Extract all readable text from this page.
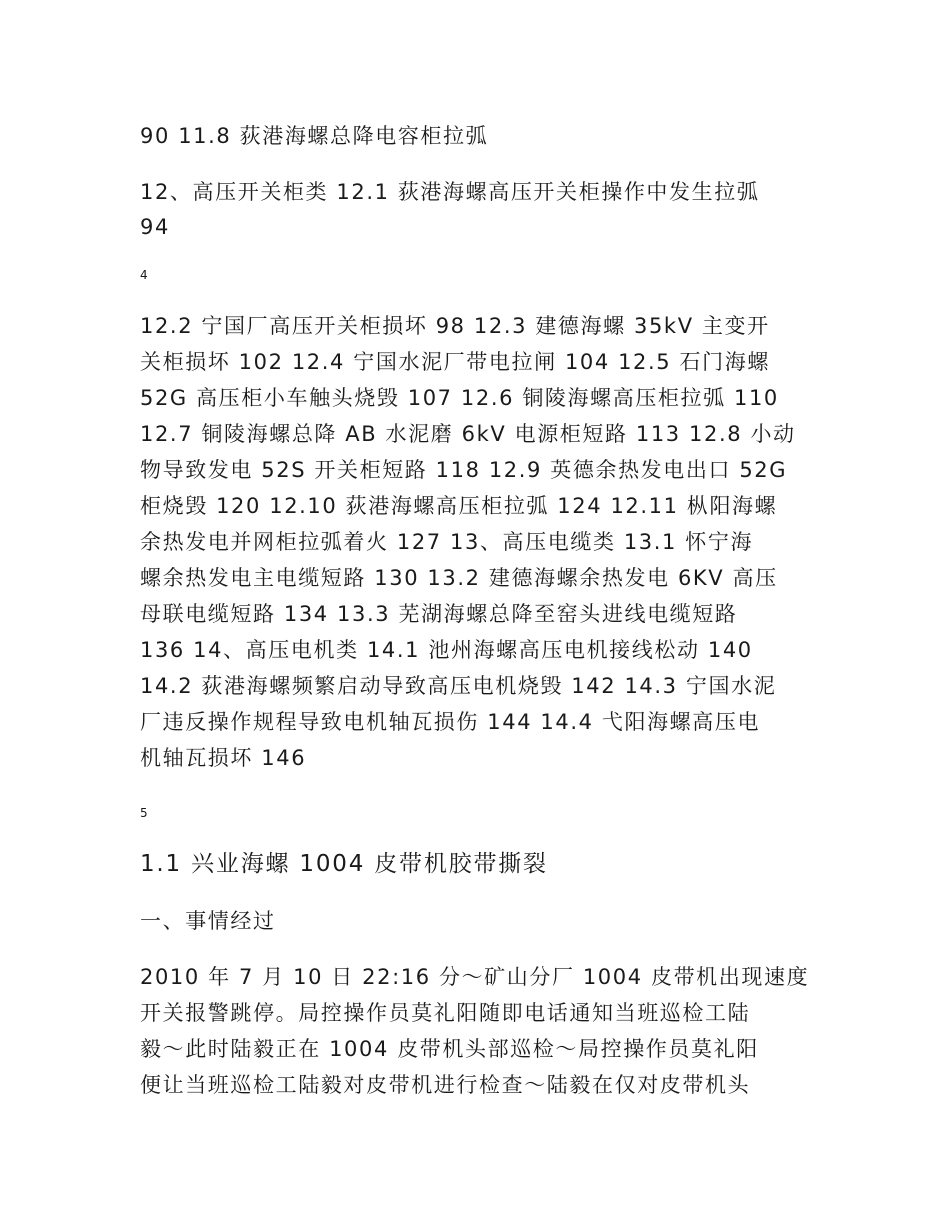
90 11.8 荻港海螺总降电容柜拉弧
12、高压开关柜类 12.1 荻港海螺高压开关柜操作中发生拉弧
94
4
12.2 宁国厂高压开关柜损坏 98 12.3 建德海螺 35kV 主变开
关柜损坏 102 12.4 宁国水泥厂带电拉闸 104 12.5 石门海螺
52G 高压柜小车触头烧毁 107 12.6 铜陵海螺高压柜拉弧 110
12.7 铜陵海螺总降 AB 水泥磨 6kV 电源柜短路 113 12.8 小动
物导致发电 52S 开关柜短路 118 12.9 英德余热发电出口 52G
柜烧毁 120 12.10 荻港海螺高压柜拉弧 124 12.11 枞阳海螺
余热发电并网柜拉弧着火 127 13、高压电缆类 13.1 怀宁海
螺余热发电主电缆短路 130 13.2 建德海螺余热发电 6KV 高压
母联电缆短路 134 13.3 芜湖海螺总降至窑头进线电缆短路
136 14、高压电机类 14.1 池州海螺高压电机接线松动 140
14.2 荻港海螺频繁启动导致高压电机烧毁 142 14.3 宁国水泥
厂违反操作规程导致电机轴瓦损伤 144 14.4 弋阳海螺高压电
机轴瓦损坏 146
5
1.1 兴业海螺 1004 皮带机胶带撕裂
一、事情经过
2010 年 7 月 10 日 22:16 分～矿山分厂 1004 皮带机出现速度
开关报警跳停。局控操作员莫礼阳随即电话通知当班巡检工陆
毅～此时陆毅正在 1004 皮带机头部巡检～局控操作员莫礼阳
便让当班巡检工陆毅对皮带机进行检查～陆毅在仅对皮带机头
